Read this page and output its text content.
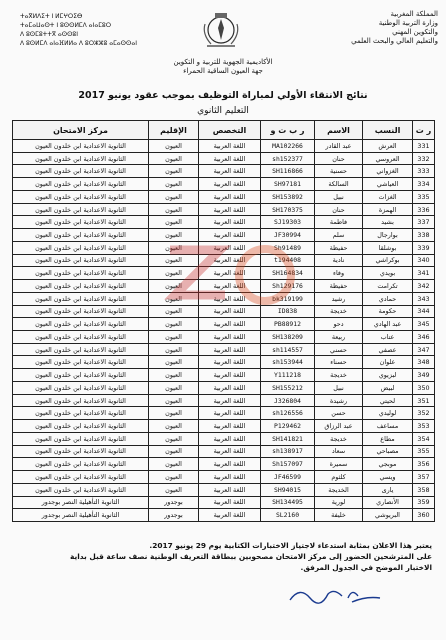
المملكة المغربية
وزارة التربية الوطنية
والتكوين المهني
والتعليم العالي والبحث العلمي
ⵜⴰⴳⵍⴷⵉⵜ ⵏ ⵍⵎⵖⵔⵉⴱ
ⵜⴰⵎⴰⵡⴰⵙⵜ ⵏ ⵓⵙⵙⵍⵎⴷ ⴰⵏⴰⵎⵓⵔ
ⴷ ⵓⵙⵎⵓⵜⵜⴳ ⴰⵙⵙⵓⵏ
ⴷ ⵓⵙⵍⵎⴷ ⴰⵏⴰⴼⵍⵍⴰ ⴷ ⵓⵔⵣⵣⵓ ⴰⵎⴰⵙⵙⴰⵏ
الأكاديمية الجهوية للتربية و التكوين
جهة العيون الساقية الحمراء
نتائج الانتقاء الأولي لمباراة التوظيف بموجب عقود يونيو 2017
التعليم الثانوي
ر ت	النسب	الاسم	ر ب ت و	التخصص	الإقليم	مركز الامتحان
331	العرش	عبد القادر	MA102266	اللغة العربية	العيون	الثانوية الاعدادية ابن خلدون العيون
332	العروسي	حنان	sh152377	اللغة العربية	العيون	الثانوية الاعدادية ابن خلدون العيون
333	الغزواني	حسنية	SH116866	اللغة العربية	العيون	الثانوية الاعدادية ابن خلدون العيون
334	العياشي	السالكة	SH97181	اللغة العربية	العيون	الثانوية الاعدادية ابن خلدون العيون
335	الغزات	نبيل	SH153892	اللغة العربية	العيون	الثانوية الاعدادية ابن خلدون العيون
336	الهمزة	حنان	SH170375	اللغة العربية	العيون	الثانوية الاعدادية ابن خلدون العيون
337	بشيد	فاطمة	SJ19303	اللغة العربية	العيون	الثانوية الاعدادية ابن خلدون العيون
338	بوارجال	سلم	JF30994	اللغة العربية	العيون	الثانوية الاعدادية ابن خلدون العيون
339	بوشلقا	حفيظة	Sh91489	اللغة العربية	العيون	الثانوية الاعدادية ابن خلدون العيون
340	بوكراشي	نادية	t194408	اللغة العربية	العيون	الثانوية الاعدادية ابن خلدون العيون
341	بويدي	وفاء	SH164834	اللغة العربية	العيون	الثانوية الاعدادية ابن خلدون العيون
342	تكرامت	حفيظة	Sh129176	اللغة العربية	العيون	الثانوية الاعدادية ابن خلدون العيون
343	حمادي	رشيد	bk319199	اللغة العربية	العيون	الثانوية الاعدادية ابن خلدون العيون
344	حكومة	خديجة	ID838	اللغة العربية	العيون	الثانوية الاعدادية ابن خلدون العيون
345	عبد الهادي	دحو	PB88912	اللغة العربية	العيون	الثانوية الاعدادية ابن خلدون العيون
346	عتاب	ربيعة	SH138209	اللغة العربية	العيون	الثانوية الاعدادية ابن خلدون العيون
347	عصفي	حسني	sh114557	اللغة العربية	العيون	الثانوية الاعدادية ابن خلدون العيون
348	علوان	حسناء	sh153944	اللغة العربية	العيون	الثانوية الاعدادية ابن خلدون العيون
349	لبزيوي	خديجة	Y111218	اللغة العربية	العيون	الثانوية الاعدادية ابن خلدون العيون
350	لبيض	نبيل	SH155212	اللغة العربية	العيون	الثانوية الاعدادية ابن خلدون العيون
351	لحيتي	رشيدة	J326804	اللغة العربية	العيون	الثانوية الاعدادية ابن خلدون العيون
352	لوليدي	حسن	sh126556	اللغة العربية	العيون	الثانوية الاعدادية ابن خلدون العيون
353	مساعف	عبد الرزاق	P129462	اللغة العربية	العيون	الثانوية الاعدادية ابن خلدون العيون
354	مطاع	خديجة	SH141821	اللغة العربية	العيون	الثانوية الاعدادية ابن خلدون العيون
355	مصباحي	سعاد	sh138917	اللغة العربية	العيون	الثانوية الاعدادية ابن خلدون العيون
356	موبجي	سميرة	Sh157097	اللغة العربية	العيون	الثانوية الاعدادية ابن خلدون العيون
357	ويسي	كلثوم	JF46599	اللغة العربية	العيون	الثانوية الاعدادية ابن خلدون العيون
358	يارى	الخديجة	SH94015	اللغة العربية	العيون	الثانوية الاعدادية ابن خلدون العيون
359	الأنصاري	لورية	SH134495	اللغة العربية	بوجدور	الثانوية التأهيلية النصر بوجدور
360	البريوشي	خليفة	SL2160	اللغة العربية	بوجدور	الثانوية التأهيلية النصر بوجدور
يعتبر هذا الاعلان بمثابة استدعاء لاجتياز الاختبارات الكتابية يوم 29 يونيو 2017.
على المترشحين الحضور إلى مركز الامتحان مصحوبين ببطاقة التعريف الوطنية نصف ساعة قبل بداية
الاختبار الموضح في الجدول المرفق.
